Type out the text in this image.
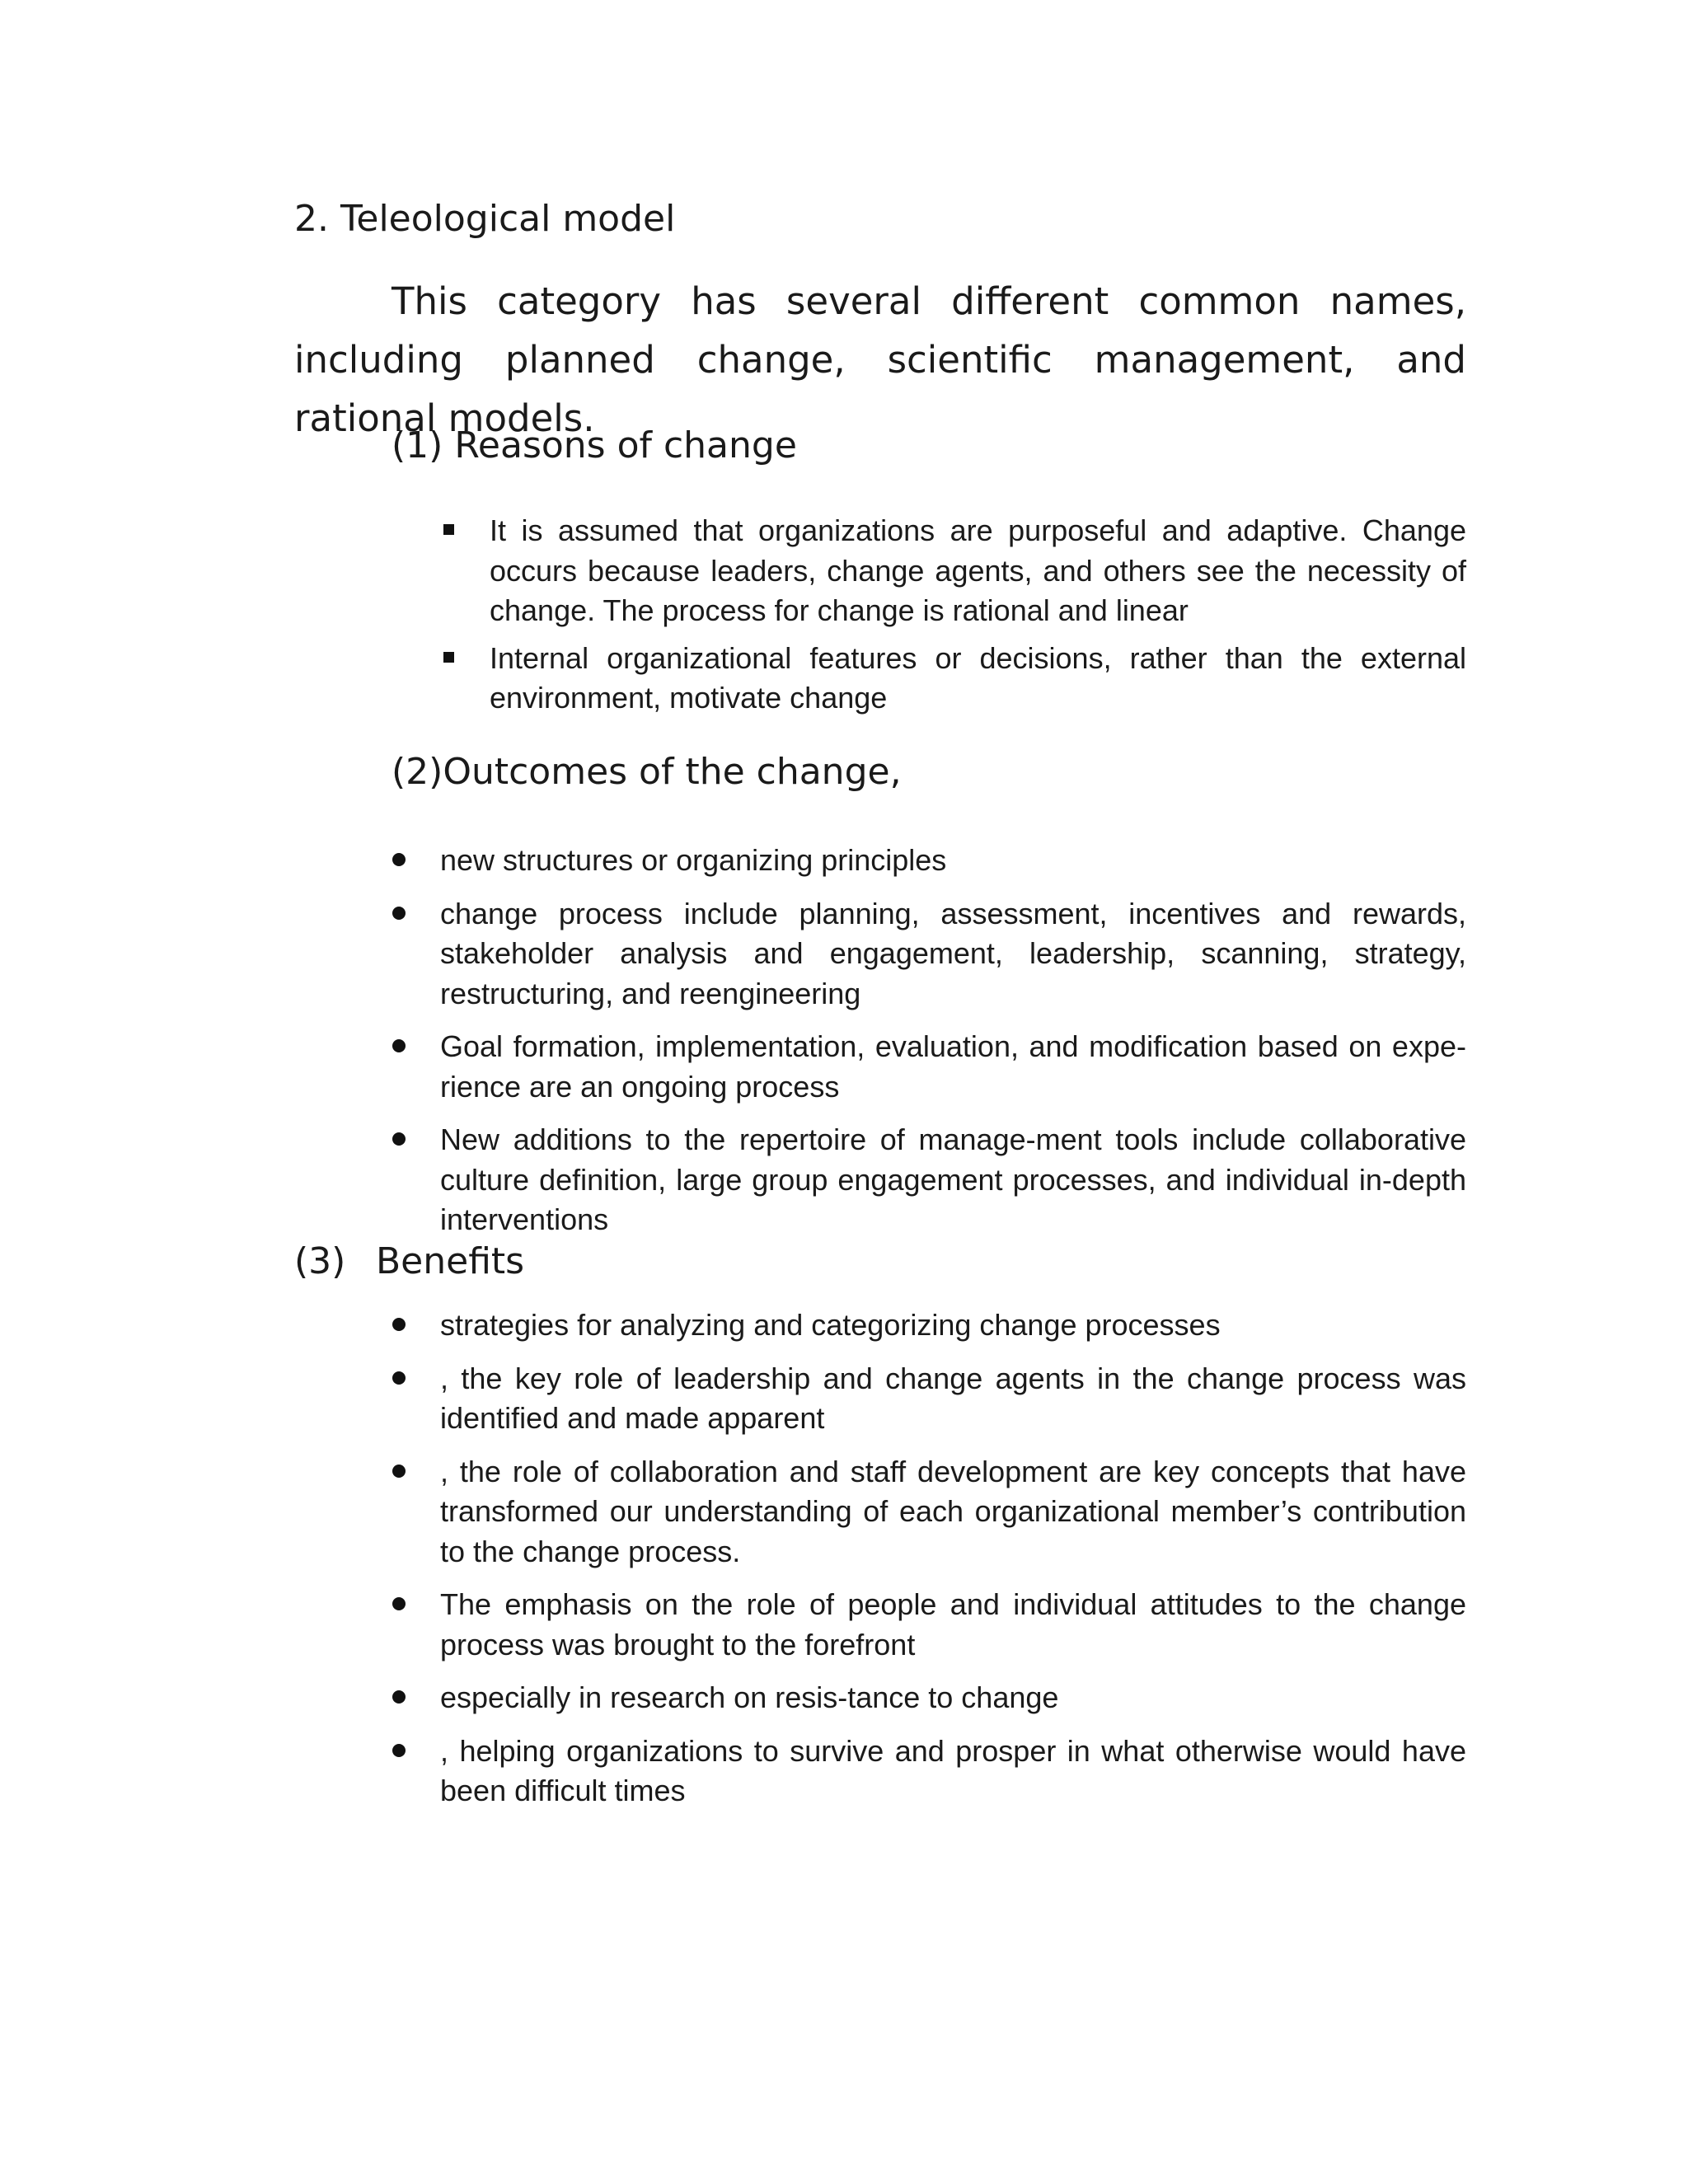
2. Teleological model

This category has several different common names, including planned change, scientific management, and rational models.

(1) Reasons of change
It is assumed that organizations are purposeful and adaptive. Change occurs because leaders, change agents, and others see the necessity of change. The process for change is rational and linear
Internal organizational features or decisions, rather than the external environment, motivate change
(2)Outcomes of the change,
new structures or organizing principles
change process include planning, assessment, incentives and rewards, stakeholder analysis and engagement, leadership, scanning, strategy, restructuring, and reengineering
Goal formation, implementation, evaluation, and modification based on expe-rience are an ongoing process
New additions to the repertoire of manage-ment tools include collaborative culture definition, large group engagement processes, and individual in-depth interventions
(3) Benefits
strategies for analyzing and categorizing change processes
, the key role of leadership and change agents in the change process was identified and made apparent
, the role of collaboration and staff development are key concepts that have transformed our understanding of each organizational member’s contribution to the change process.
The emphasis on the role of people and individual attitudes to the change process was brought to the forefront
especially in research on resis-tance to change
, helping organizations to survive and prosper in what otherwise would have been difficult times
